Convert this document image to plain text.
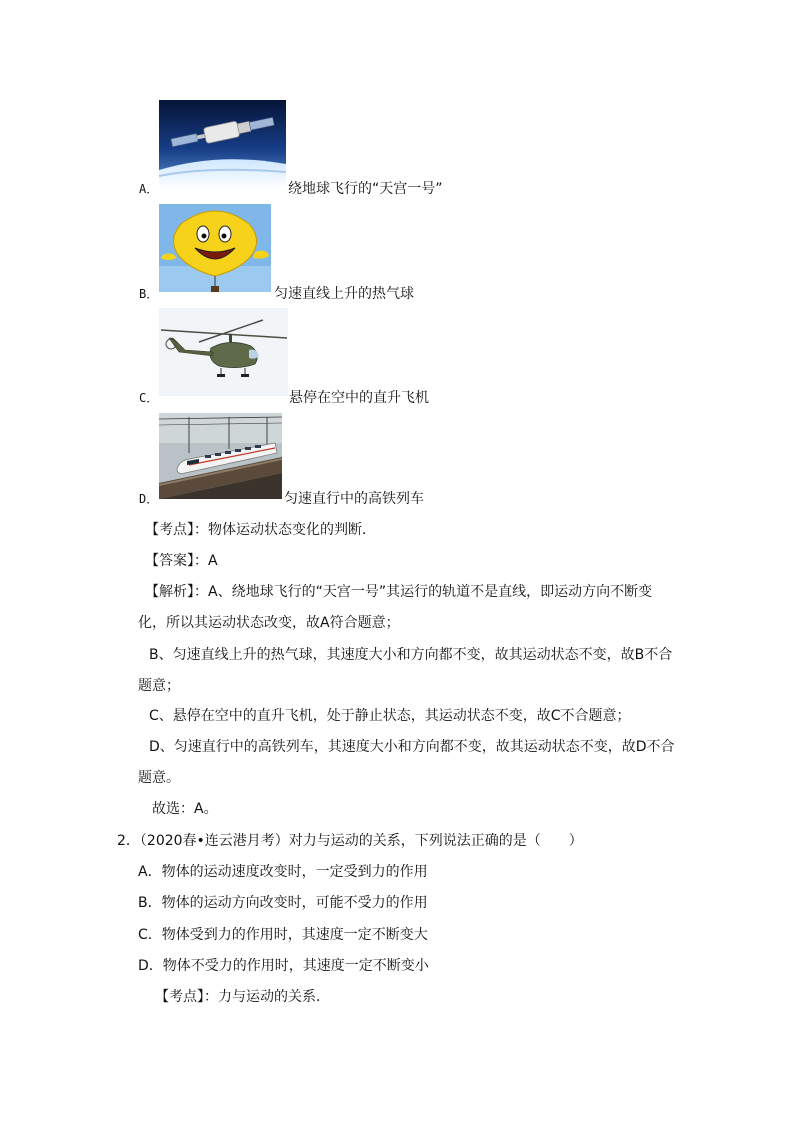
A．	绕地球飞行的“天宫一号”
B．	匀速直线上升的热气球
C．	悬停在空中的直升飞机
D．	匀速直行中的高铁列车
【考点】：物体运动状态变化的判断．
【答案】：A
【解析】：A、绕地球飞行的“天宫一号”其运行的轨道不是直线，即运动方向不断变
化，所以其运动状态改变，故A符合题意；
B、匀速直线上升的热气球，其速度大小和方向都不变，故其运动状态不变，故B不合
题意；
C、悬停在空中的直升飞机，处于静止状态，其运动状态不变，故C不合题意；
D、匀速直行中的高铁列车，其速度大小和方向都不变，故其运动状态不变，故D不合
题意。
故选：A。
2．（2020春•连云港月考）对力与运动的关系，下列说法正确的是（　　）
A．物体的运动速度改变时，一定受到力的作用
B．物体的运动方向改变时，可能不受力的作用
C．物体受到力的作用时，其速度一定不断变大
D．物体不受力的作用时，其速度一定不断变小
【考点】：力与运动的关系．
